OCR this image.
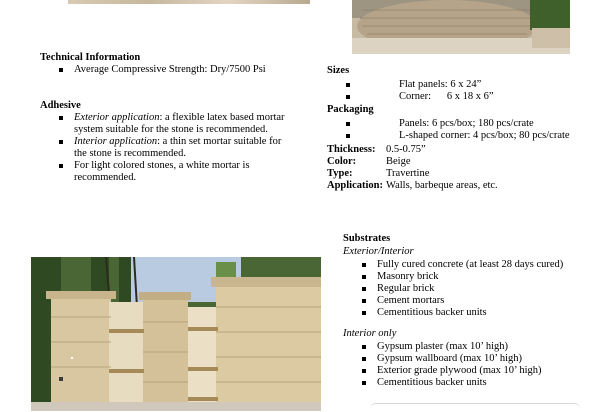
Technical Information
Average Compressive Strength: Dry/7500 Psi
Adhesive
Exterior application: a flexible latex based mortar system suitable for the stone is recommended.
Interior application: a thin set mortar suitable for the stone is recommended.
For light colored stones, a white mortar is recommended.
Sizes
Flat panels: 6 x 24”
Corner:      6 x 18 x 6”
Packaging
Panels: 6 pcs/box; 180 pcs/crate
L-shaped corner: 4 pcs/box; 80 pcs/crate
Thickness:	0.5-0.75”
Color:	Beige
Type:	Travertine
Application: Walls, barbeque areas, etc.
Substrates
Exterior/Interior
Fully cured concrete (at least 28 days cured)
Masonry brick
Regular brick
Cement mortars
Cementitious backer units
Interior only
Gypsum plaster (max 10’ high)
Gypsum wallboard (max 10’ high)
Exterior grade plywood (max 10’ high)
Cementitious backer units
